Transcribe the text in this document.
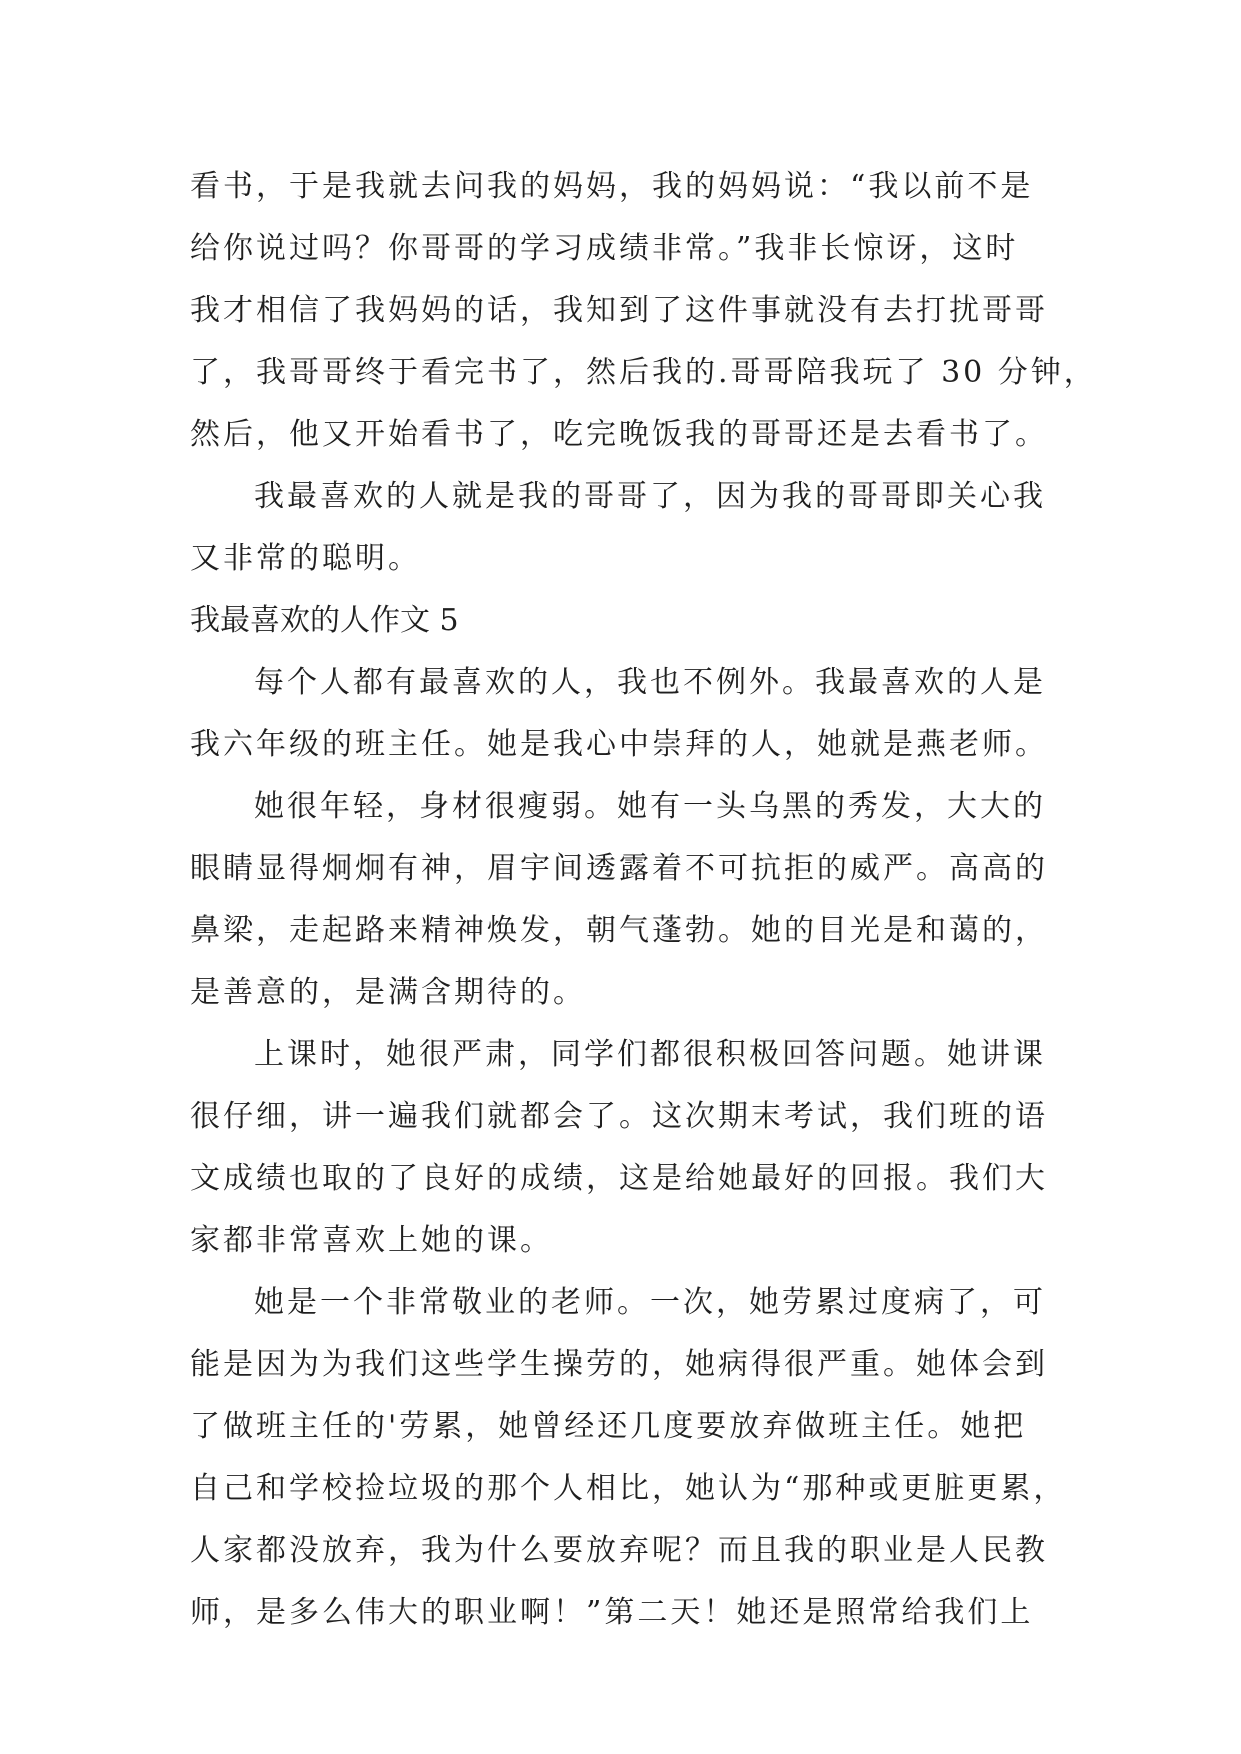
看书，于是我就去问我的妈妈，我的妈妈说：“我以前不是
给你说过吗？你哥哥的学习成绩非常。”我非长惊讶，这时
我才相信了我妈妈的话，我知到了这件事就没有去打扰哥哥
了，我哥哥终于看完书了，然后我的.哥哥陪我玩了 30 分钟，
然后，他又开始看书了，吃完晚饭我的哥哥还是去看书了。
我最喜欢的人就是我的哥哥了，因为我的哥哥即关心我
又非常的聪明。
我最喜欢的人作文 5
每个人都有最喜欢的人，我也不例外。我最喜欢的人是
我六年级的班主任。她是我心中崇拜的人，她就是燕老师。
她很年轻，身材很瘦弱。她有一头乌黑的秀发，大大的
眼睛显得炯炯有神，眉宇间透露着不可抗拒的威严。高高的
鼻梁，走起路来精神焕发，朝气蓬勃。她的目光是和蔼的，
是善意的，是满含期待的。
上课时，她很严肃，同学们都很积极回答问题。她讲课
很仔细，讲一遍我们就都会了。这次期末考试，我们班的语
文成绩也取的了良好的成绩，这是给她最好的回报。我们大
家都非常喜欢上她的课。
她是一个非常敬业的老师。一次，她劳累过度病了，可
能是因为为我们这些学生操劳的，她病得很严重。她体会到
了做班主任的'劳累，她曾经还几度要放弃做班主任。她把
自己和学校捡垃圾的那个人相比，她认为“那种或更脏更累，
人家都没放弃，我为什么要放弃呢？而且我的职业是人民教
师，是多么伟大的职业啊！”第二天！她还是照常给我们上
